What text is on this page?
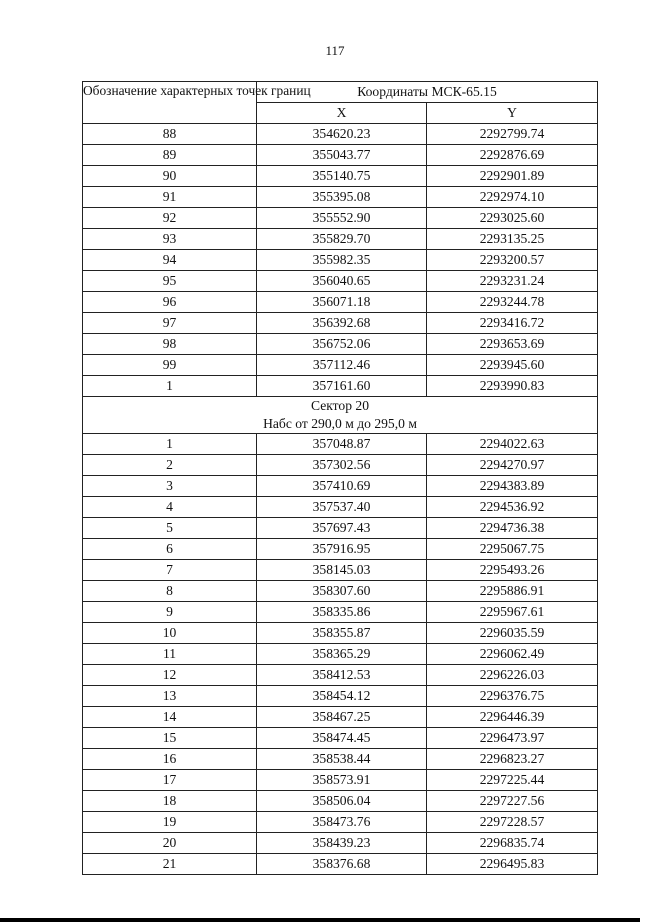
117
Обозначение характерных точек границ	Координаты МСК-65.15	
	X	Y
88	354620.23	2292799.74
89	355043.77	2292876.69
90	355140.75	2292901.89
91	355395.08	2292974.10
92	355552.90	2293025.60
93	355829.70	2293135.25
94	355982.35	2293200.57
95	356040.65	2293231.24
96	356071.18	2293244.78
97	356392.68	2293416.72
98	356752.06	2293653.69
99	357112.46	2293945.60
1	357161.60	2293990.83

Сектор 20
Набс от 290,0 м до 295,0 м		

1	357048.87	2294022.63
2	357302.56	2294270.97
3	357410.69	2294383.89
4	357537.40	2294536.92
5	357697.43	2294736.38
6	357916.95	2295067.75
7	358145.03	2295493.26
8	358307.60	2295886.91
9	358335.86	2295967.61
10	358355.87	2296035.59
11	358365.29	2296062.49
12	358412.53	2296226.03
13	358454.12	2296376.75
14	358467.25	2296446.39
15	358474.45	2296473.97
16	358538.44	2296823.27
17	358573.91	2297225.44
18	358506.04	2297227.56
19	358473.76	2297228.57
20	358439.23	2296835.74
21	358376.68	2296495.83
